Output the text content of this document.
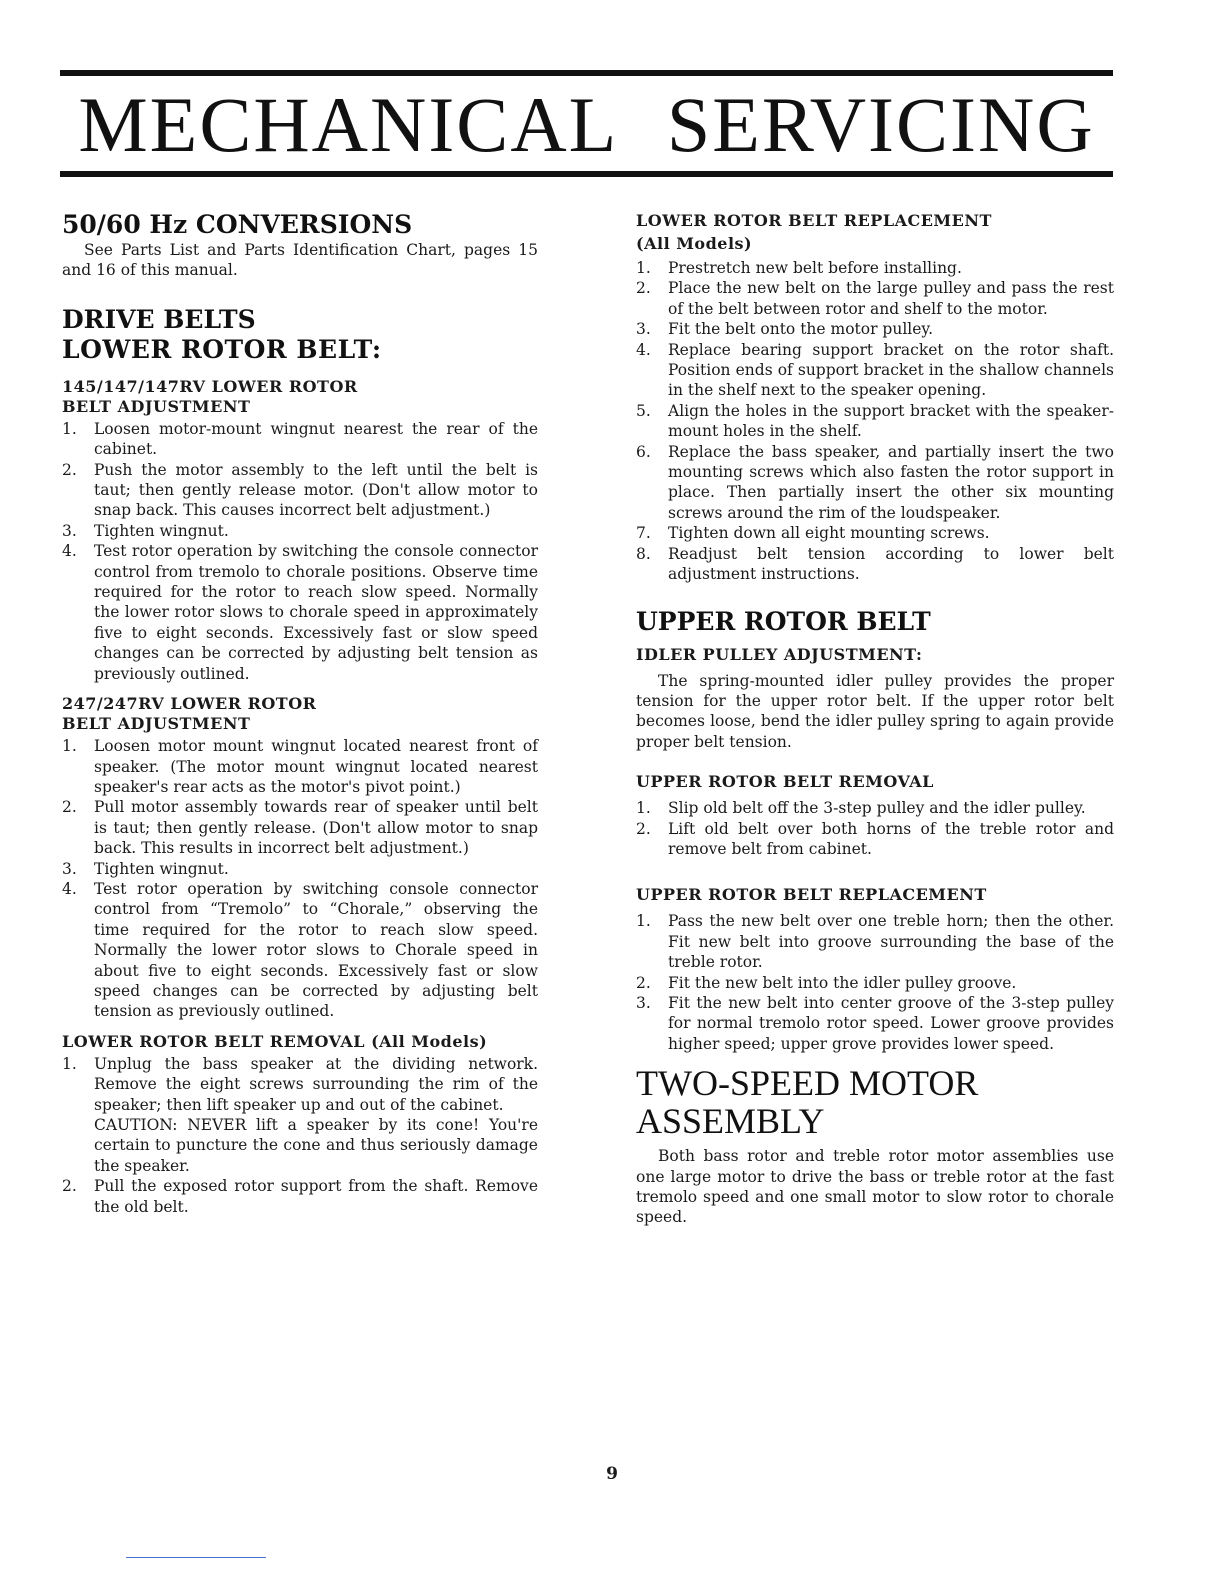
MECHANICAL SERVICING
50/60 Hz CONVERSIONS

See Parts List and Parts Identification Chart, pages 15 and 16 of this manual.

DRIVE BELTS
LOWER ROTOR BELT:
145/147/147RV LOWER ROTOR
BELT ADJUSTMENT
1. Loosen motor-mount wingnut nearest the rear of the cabinet.
2. Push the motor assembly to the left until the belt is taut; then gently release motor. (Don't allow motor to snap back. This causes incorrect belt adjustment.)
3. Tighten wingnut.
4. Test rotor operation by switching the console connector control from tremolo to chorale positions. Observe time required for the rotor to reach slow speed. Normally the lower rotor slows to chorale speed in approximately five to eight seconds. Excessively fast or slow speed changes can be corrected by adjusting belt tension as previously outlined.
247/247RV LOWER ROTOR
BELT ADJUSTMENT
1. Loosen motor mount wingnut located nearest front of speaker. (The motor mount wingnut located nearest speaker's rear acts as the motor's pivot point.)
2. Pull motor assembly towards rear of speaker until belt is taut; then gently release. (Don't allow motor to snap back. This results in incorrect belt adjustment.)
3. Tighten wingnut.
4. Test rotor operation by switching console connector control from “Tremolo” to “Chorale,” observing the time required for the rotor to reach slow speed. Normally the lower rotor slows to Chorale speed in about five to eight seconds. Excessively fast or slow speed changes can be corrected by adjusting belt tension as previously outlined.
LOWER ROTOR BELT REMOVAL (All Models)
1. Unplug the bass speaker at the dividing network. Remove the eight screws surrounding the rim of the speaker; then lift speaker up and out of the cabinet.
CAUTION: NEVER lift a speaker by its cone! You're certain to puncture the cone and thus seriously damage the speaker.
2. Pull the exposed rotor support from the shaft. Remove the old belt.
LOWER ROTOR BELT REPLACEMENT
(All Models)
1. Prestretch new belt before installing.
2. Place the new belt on the large pulley and pass the rest of the belt between rotor and shelf to the motor.
3. Fit the belt onto the motor pulley.
4. Replace bearing support bracket on the rotor shaft. Position ends of support bracket in the shallow channels in the shelf next to the speaker opening.
5. Align the holes in the support bracket with the speaker-mount holes in the shelf.
6. Replace the bass speaker, and partially insert the two mounting screws which also fasten the rotor support in place. Then partially insert the other six mounting screws around the rim of the loudspeaker.
7. Tighten down all eight mounting screws.
8. Readjust belt tension according to lower belt adjustment instructions.
UPPER ROTOR BELT
IDLER PULLEY ADJUSTMENT:

The spring-mounted idler pulley provides the proper tension for the upper rotor belt. If the upper rotor belt becomes loose, bend the idler pulley spring to again provide proper belt tension.

UPPER ROTOR BELT REMOVAL
1. Slip old belt off the 3-step pulley and the idler pulley.
2. Lift old belt over both horns of the treble rotor and remove belt from cabinet.
UPPER ROTOR BELT REPLACEMENT
1. Pass the new belt over one treble horn; then the other. Fit new belt into groove surrounding the base of the treble rotor.
2. Fit the new belt into the idler pulley groove.
3. Fit the new belt into center groove of the 3-step pulley for normal tremolo rotor speed. Lower groove provides higher speed; upper grove provides lower speed.
TWO-SPEED MOTOR
ASSEMBLY

Both bass rotor and treble rotor motor assemblies use one large motor to drive the bass or treble rotor at the fast tremolo speed and one small motor to slow rotor to chorale speed.

9
